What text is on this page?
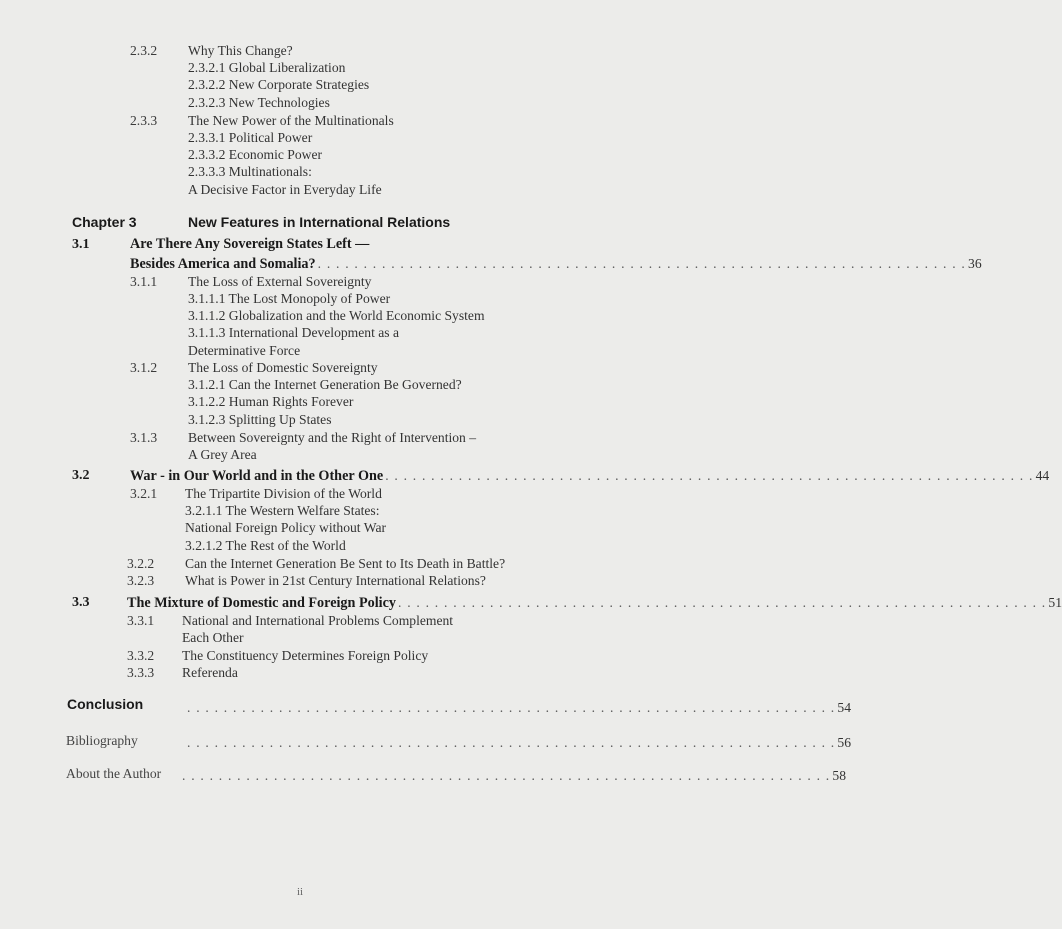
2.3.2 Why This Change?
2.3.2.1 Global Liberalization
2.3.2.2 New Corporate Strategies
2.3.2.3 New Technologies
2.3.3 The New Power of the Multinationals
2.3.3.1 Political Power
2.3.3.2 Economic Power
2.3.3.3 Multinationals:
A Decisive Factor in Everyday Life
Chapter 3	New Features in International Relations
3.1	Are There Any Sovereign States Left —
Besides America and Somalia? . . . . . . . . . . . . . . . . . . . . . . . . . . . . . . . . . . . . . . . . . . . . . . . . . . . . . . . . . . . . . . . . . . . . . . . 36
3.1.1 The Loss of External Sovereignty
3.1.1.1 The Lost Monopoly of Power
3.1.1.2 Globalization and the World Economic System
3.1.1.3 International Development as a
Determinative Force
3.1.2 The Loss of Domestic Sovereignty
3.1.2.1 Can the Internet Generation Be Governed?
3.1.2.2 Human Rights Forever
3.1.2.3 Splitting Up States
3.1.3 Between Sovereignty and the Right of Intervention –
A Grey Area
3.2	War - in Our World and in the Other One . . . . . . . . . . . . . . . . . . . . . . . . . . . . . . . . . . . . . . . . . . . . . . . . . . . . . . . . . . . . . . . . . . . . . . . 44
3.2.1 The Tripartite Division of the World
3.2.1.1 The Western Welfare States:
National Foreign Policy without War
3.2.1.2 The Rest of the World
3.2.2 Can the Internet Generation Be Sent to Its Death in Battle?
3.2.3 What is Power in 21st Century International Relations?
3.3	The Mixture of Domestic and Foreign Policy . . . . . . . . . . . . . . . . . . . . . . . . . . . . . . . . . . . . . . . . . . . . . . . . . . . . . . . . . . . . . . . . . . . . . . . 51
3.3.1 National and International Problems Complement
Each Other
3.3.2 The Constituency Determines Foreign Policy
3.3.3 Referenda
Conclusion	. . . . . . . . . . . . . . . . . . . . . . . . . . . . . . . . . . . . . . . . . . . . . . . . . . . . . . . . . . . . . . . . . . . . . . . 54
Bibliography	. . . . . . . . . . . . . . . . . . . . . . . . . . . . . . . . . . . . . . . . . . . . . . . . . . . . . . . . . . . . . . . . . . . . . . . 56
About the Author . . . . . . . . . . . . . . . . . . . . . . . . . . . . . . . . . . . . . . . . . . . . . . . . . . . . . . . . . . . . . . . . . . . . . . . 58
ii
